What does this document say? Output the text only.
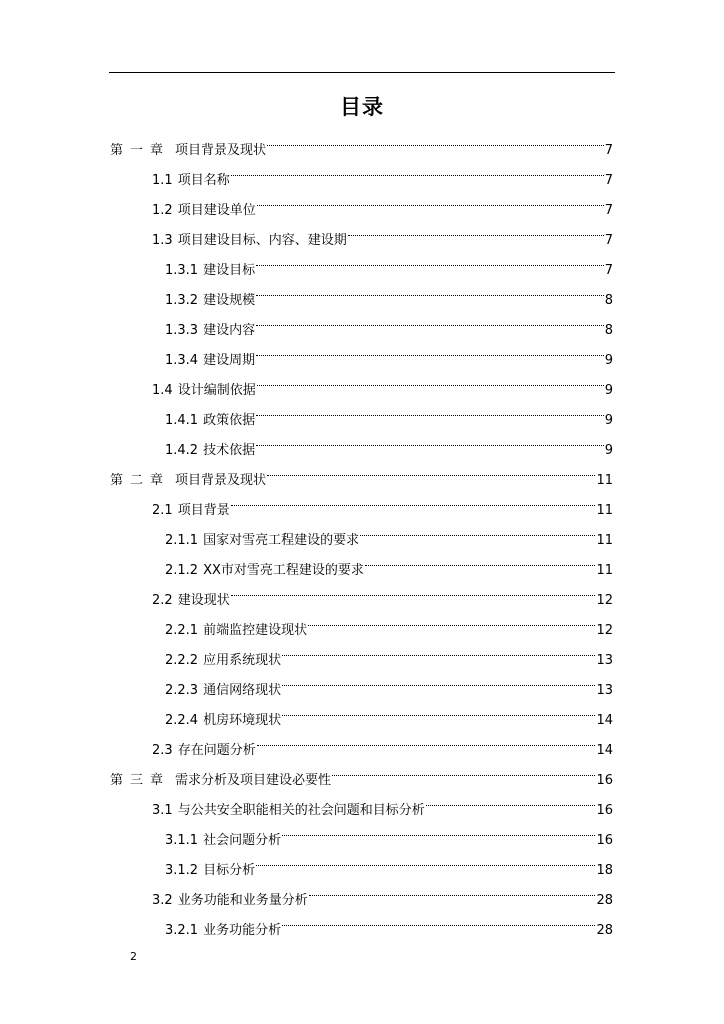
目录
第一章 项目背景及现状	7
1.1 项目名称	7
1.2 项目建设单位	7
1.3 项目建设目标、内容、建设期	7
1.3.1 建设目标	7
1.3.2 建设规模	8
1.3.3 建设内容	8
1.3.4 建设周期	9
1.4 设计编制依据	9
1.4.1 政策依据	9
1.4.2 技术依据	9
第二章 项目背景及现状	11
2.1 项目背景	11
2.1.1 国家对雪亮工程建设的要求	11
2.1.2 XX市对雪亮工程建设的要求	11
2.2 建设现状	12
2.2.1 前端监控建设现状	12
2.2.2 应用系统现状	13
2.2.3 通信网络现状	13
2.2.4 机房环境现状	14
2.3 存在问题分析	14
第三章 需求分析及项目建设必要性	16
3.1 与公共安全职能相关的社会问题和目标分析	16
3.1.1 社会问题分析	16
3.1.2 目标分析	18
3.2 业务功能和业务量分析	28
3.2.1 业务功能分析	28
2
